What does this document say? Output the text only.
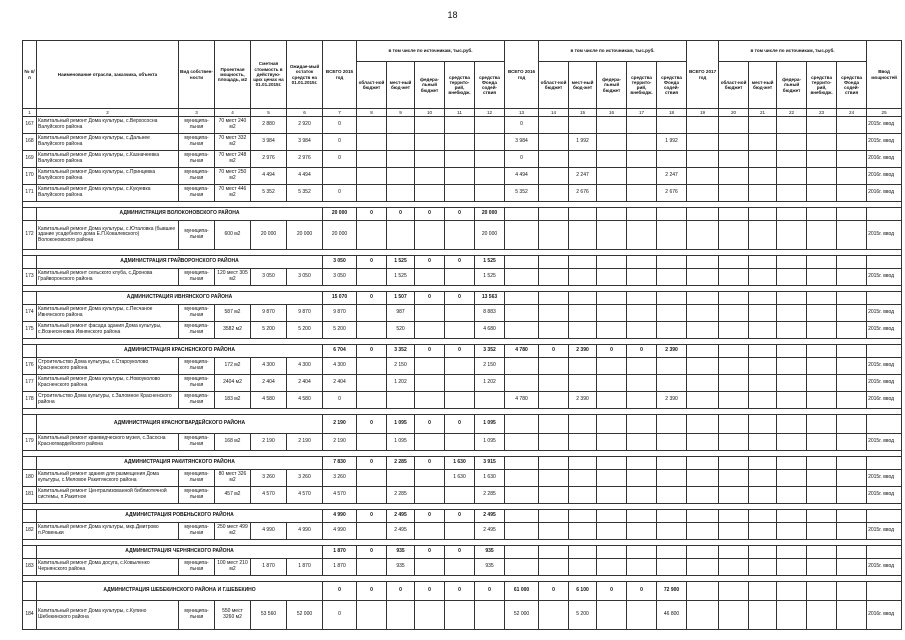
18
№ п/п	Наименование отрасли, заказчика, объекта	Вид собствен-ности	Проектная мощность, площадь, м2	Сметная стоимость в действую-щих ценах на 01.01.2015г.	Ожидае-мый остаток средств на 01.01.2015г.	ВСЕГО 2015 год	в том числе по источникам, тыс.руб.					ВСЕГО 2016 год	в том числе по источникам, тыс.руб.					ВСЕГО 2017 год	в том числе по источникам, тыс.руб.					Ввод мощностей
							област-ной бюджет	мест-ный бюд-жет	федера-льный бюджет	средства террито-рий, внебюдж.	средства Фонда содей-ствия		област-ной бюджет	мест-ный бюд-жет	федера-льный бюджет	средства террито-рий, внебюдж.	средства Фонда содей-ствия		област-ной бюджет	мест-ный бюд-жет	федера-льный бюджет	средства террито-рий, внебюдж.	средства Фонда содей-ствия	
1	2	3	4	5	6	7	8	9	10	11	12	13	14	15	16	17	18	19	20	21	22	23	24	25
167	Капитальный ремонт Дома культуры, с.Верхососна Валуйского района	муниципа-льная	70 мест 240 м2	2 880	2 920	0						0												2015г. ввод
168	Капитальный ремонт Дома культуры, с.Дальнее Валуйского района	муниципа-льная	70 мест 332 м2	3 984	3 984	0						3 984		1 992			1 992							2015г. ввод
169	Капитальный ремонт Дома культуры, с.Казначеевка Валуйского района	муниципа-льная	70 мест 248 м2	2 976	2 976	0						0												2016г. ввод
170	Капитальный ремонт Дома культуры, с.Принцевка Валуйского района	муниципа-льная	70 мест 250 м2	4 494	4 494							4 494		2 247			2 247							2016г. ввод
171	Капитальный ремонт Дома культуры, с.Кукуевка Валуйского района	муниципа-льная	70 мест 446 м2	5 352	5 352	0						5 352		2 676			2 676							2016г. ввод

	АДМИНИСТРАЦИЯ ВОЛОКОНОВСКОГО РАЙОНА					20 000	0	0	0	0	20 000													
172	Капитальный ремонт Дома культуры, с.Юталовка (бывшее здание усадебного дома Е.П.Ковалевского) Волоконовского района	муниципа-льная	600 м2	20 000	20 000	20 000					20 000													2015г. ввод

	АДМИНИСТРАЦИЯ ГРАЙВОРОНСКОГО РАЙОНА					3 050	0	1 525	0	0	1 525													
173	Капитальный ремонт сельского клуба, с.Дронова Грайворонского района	муниципа-льная	120 мест 305 м2	3 050	3 050	3 050		1 525			1 525													2015г. ввод

	АДМИНИСТРАЦИЯ ИВНЯНСКОГО РАЙОНА					15 070	0	1 507	0	0	13 563													
174	Капитальный ремонт Дома культуры, с.Песчаное Ивнянского района	муниципа-льная	587 м2	9 870	9 870	9 870		987			8 883													2015г. ввод
175	Капитальный ремонт фасада здания Дома культуры, с.Вознесеновка Ивнянского района	муниципа-льная	3582 м2	5 200	5 200	5 200		520			4 680													2015г. ввод

	АДМИНИСТРАЦИЯ КРАСНЕНСКОГО РАЙОНА					6 704	0	3 352	0	0	3 352	4 780	0	2 390	0	0	2 390							
176	Строительство Дома культуры, с.Староуколово Красненского района	муниципа-льная	172 м2	4 300	4 300	4 300		2 150			2 150													2015г. ввод
177	Капитальный ремонт Дома культуры, с.Новоуколово Красненского района	муниципа-льная	2404 м2	2 404	2 404	2 404		1 202			1 202													2015г. ввод
178	Строительство Дома культуры, с.Заломное Красненского района	муниципа-льная	183 м2	4 580	4 580	0						4 780		2 390			2 390							2016г. ввод

	АДМИНИСТРАЦИЯ КРАСНОГВАРДЕЙСКОГО РАЙОНА					2 190	0	1 095	0	0	1 095													
179	Капитальный ремонт краеведческого музея, с.Засосна Красногвардейского района	муниципа-льная	168 м2	2 190	2 190	2 190		1 095			1 095													2015г. ввод

	АДМИНИСТРАЦИЯ РАКИТЯНСКОГО РАЙОНА					7 830	0	2 285	0	1 630	3 915													
180	Капитальный ремонт здания для размещения Дома культуры, с.Меловое Ракитянского района	муниципа-льная	80 мест 326 м2	3 260	3 260	3 260				1 630	1 630													2015г. ввод
181	Капитальный ремонт Централизованной библиотечной системы, п.Ракитное	муниципа-льная	457 м2	4 570	4 570	4 570		2 285			2 285													2015г. ввод

	АДМИНИСТРАЦИЯ РОВЕНЬСКОГО РАЙОНА					4 990	0	2 495	0	0	2 495													
182	Капитальный ремонт Дома культуры, мкр.Дмитрово п.Ровеньки	муниципа-льная	250 мест 499 м2	4 990	4 990	4 990		2 495			2 495													2015г. ввод

	АДМИНИСТРАЦИЯ ЧЕРНЯНСКОГО РАЙОНА					1 870	0	935	0	0	935													
183	Капитальный ремонт Дома досуга, с.Ковыленко Чернянского района	муниципа-льная	100 мест 210 м2	1 870	1 870	1 870		935			935													2015г. ввод

	АДМИНИСТРАЦИЯ ШЕБЕКИНСКОГО РАЙОНА И Г.ШЕБЕКИНО					0	0	0	0	0	0	61 000	0	6 100	0	0	72 900							
184	Капитальный ремонт Дома культуры, с.Купино Шебекинского района	муниципа-льная	550 мест 3260 м2	53 560	52 000	0						52 000		5 200			46 800							2016г. ввод
